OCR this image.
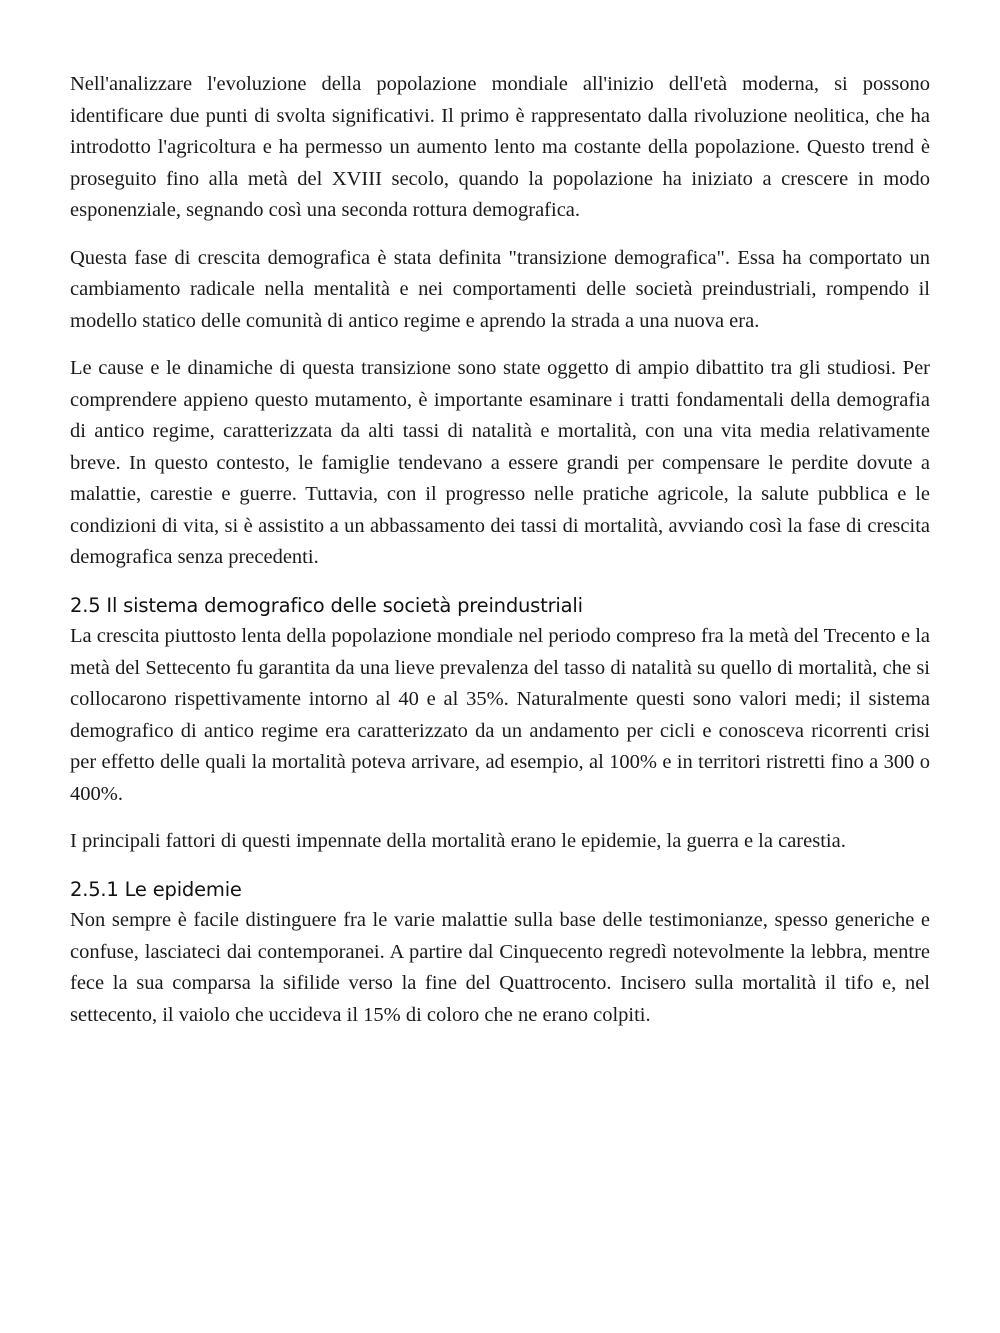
Nell'analizzare l'evoluzione della popolazione mondiale all'inizio dell'età moderna, si possono identificare due punti di svolta significativi. Il primo è rappresentato dalla rivoluzione neolitica, che ha introdotto l'agricoltura e ha permesso un aumento lento ma costante della popolazione. Questo trend è proseguito fino alla metà del XVIII secolo, quando la popolazione ha iniziato a crescere in modo esponenziale, segnando così una seconda rottura demografica.

Questa fase di crescita demografica è stata definita "transizione demografica". Essa ha comportato un cambiamento radicale nella mentalità e nei comportamenti delle società preindustriali, rompendo il modello statico delle comunità di antico regime e aprendo la strada a una nuova era.

Le cause e le dinamiche di questa transizione sono state oggetto di ampio dibattito tra gli studiosi. Per comprendere appieno questo mutamento, è importante esaminare i tratti fondamentali della demografia di antico regime, caratterizzata da alti tassi di natalità e mortalità, con una vita media relativamente breve. In questo contesto, le famiglie tendevano a essere grandi per compensare le perdite dovute a malattie, carestie e guerre. Tuttavia, con il progresso nelle pratiche agricole, la salute pubblica e le condizioni di vita, si è assistito a un abbassamento dei tassi di mortalità, avviando così la fase di crescita demografica senza precedenti.

2.5 Il sistema demografico delle società preindustriali

La crescita piuttosto lenta della popolazione mondiale nel periodo compreso fra la metà del Trecento e la metà del Settecento fu garantita da una lieve prevalenza del tasso di natalità su quello di mortalità, che si collocarono rispettivamente intorno al 40 e al 35%. Naturalmente questi sono valori medi; il sistema demografico di antico regime era caratterizzato da un andamento per cicli e conosceva ricorrenti crisi per effetto delle quali la mortalità poteva arrivare, ad esempio, al 100% e in territori ristretti fino a 300 o 400%.

I principali fattori di questi impennate della mortalità erano le epidemie, la guerra e la carestia.

2.5.1 Le epidemie

Non sempre è facile distinguere fra le varie malattie sulla base delle testimonianze, spesso generiche e confuse, lasciateci dai contemporanei. A partire dal Cinquecento regredì notevolmente la lebbra, mentre fece la sua comparsa la sifilide verso la fine del Quattrocento. Incisero sulla mortalità il tifo e, nel settecento, il vaiolo che uccideva il 15% di coloro che ne erano colpiti.
